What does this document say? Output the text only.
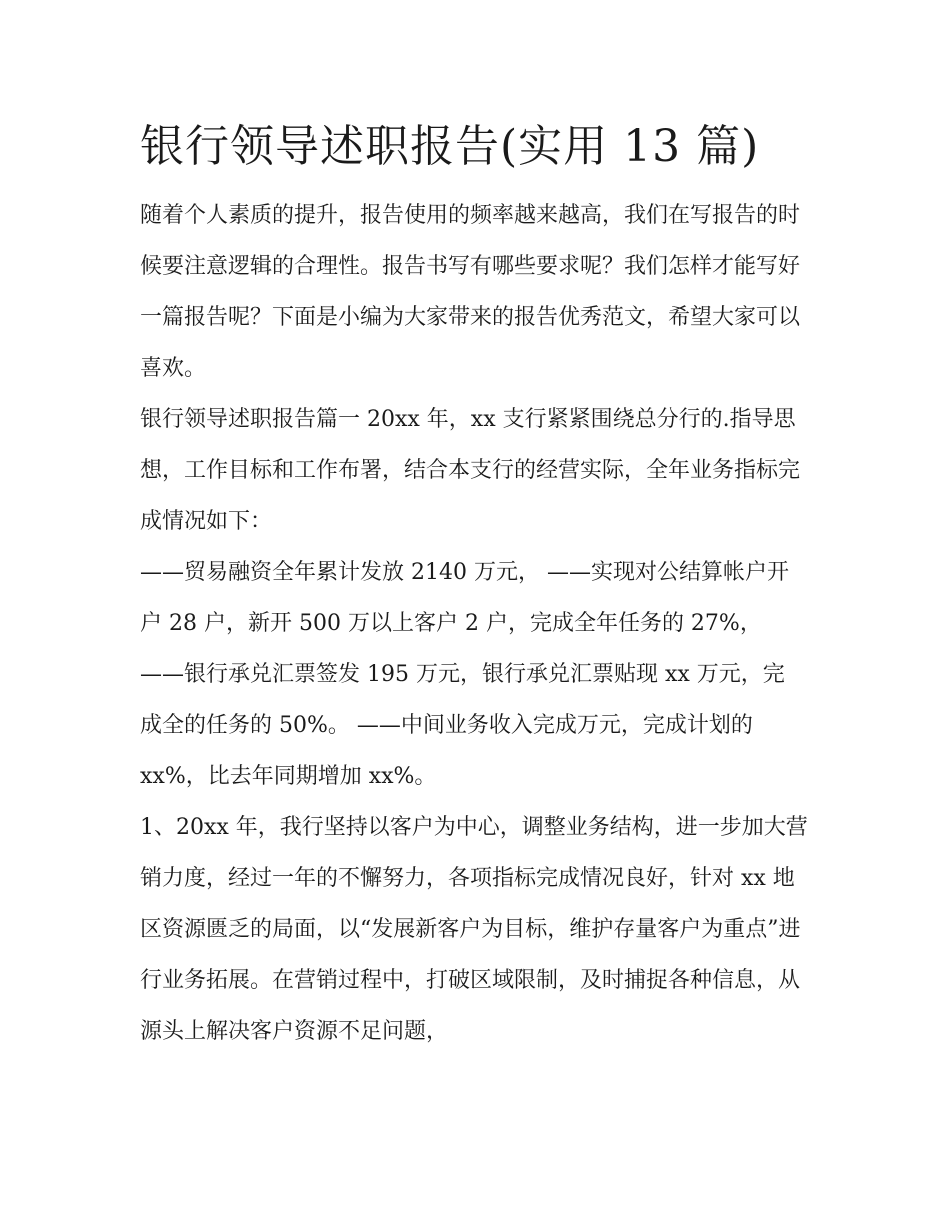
银行领导述职报告(实用 13 篇)

随着个人素质的提升，报告使用的频率越来越高，我们在写报告的时候要注意逻辑的合理性。报告书写有哪些要求呢？我们怎样才能写好一篇报告呢？下面是小编为大家带来的报告优秀范文，希望大家可以喜欢。

银行领导述职报告篇一 20xx 年，xx 支行紧紧围绕总分行的.指导思想，工作目标和工作布署，结合本支行的经营实际，全年业务指标完成情况如下：

——贸易融资全年累计发放 2140 万元， ——实现对公结算帐户开户 28 户，新开 500 万以上客户 2 户，完成全年任务的 27%，

——银行承兑汇票签发 195 万元，银行承兑汇票贴现 xx 万元，完成全的任务的 50%。 ——中间业务收入完成万元，完成计划的 xx%，比去年同期增加 xx%。

1、20xx 年，我行坚持以客户为中心，调整业务结构，进一步加大营销力度，经过一年的不懈努力，各项指标完成情况良好，针对 xx 地区资源匮乏的局面，以“发展新客户为目标，维护存量客户为重点”进行业务拓展。在营销过程中，打破区域限制，及时捕捉各种信息，从源头上解决客户资源不足问题，
